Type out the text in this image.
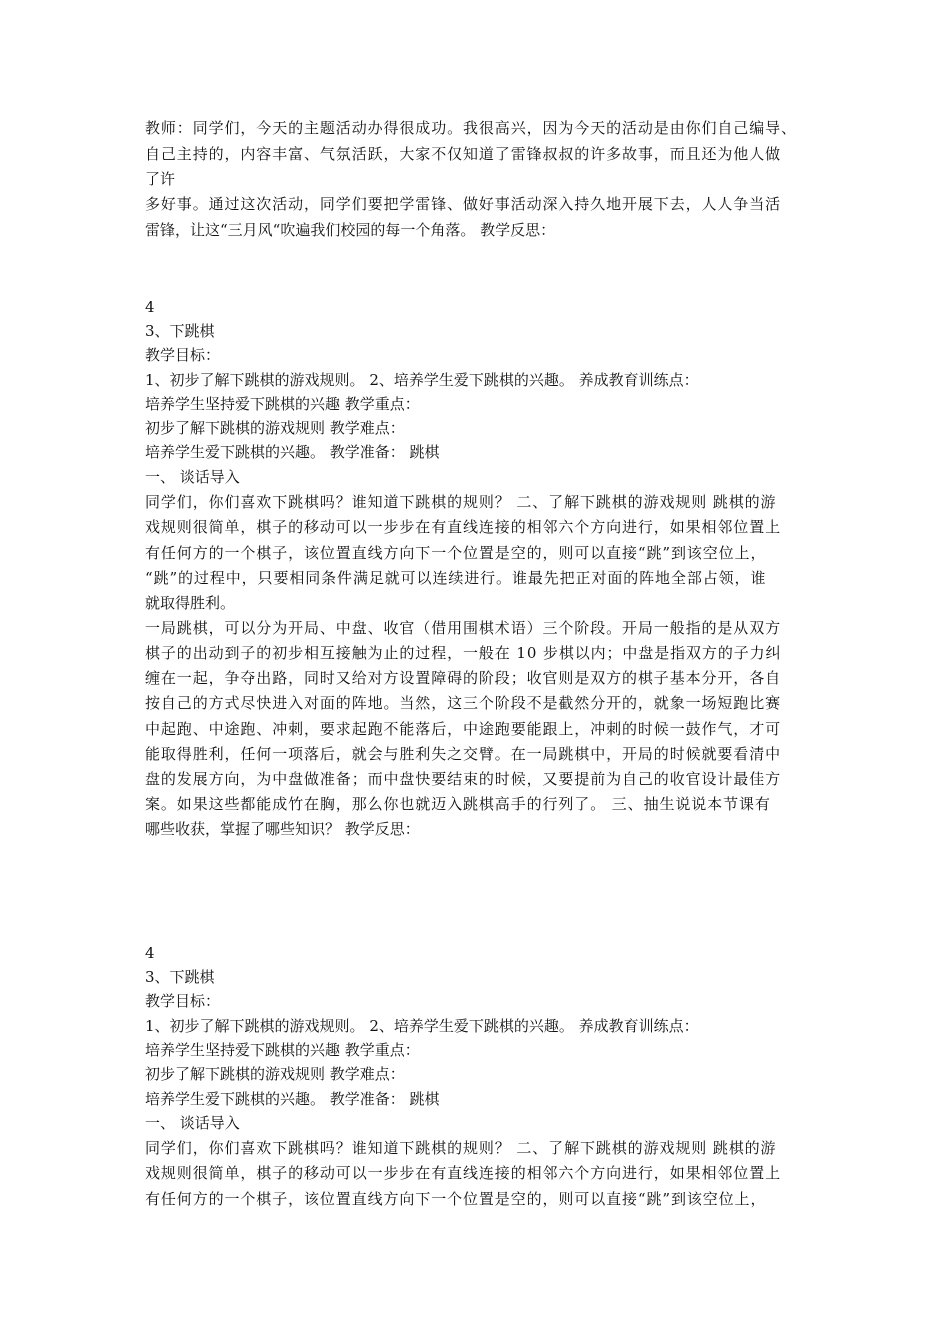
教师：同学们，今天的主题活动办得很成功。我很高兴，因为今天的活动是由你们自己编导、

自己主持的，内容丰富、气氛活跃，大家不仅知道了雷锋叔叔的许多故事，而且还为他人做

了许

多好事。通过这次活动，同学们要把学雷锋、做好事活动深入持久地开展下去，人人争当活

雷锋，让这“三月风“吹遍我们校园的每一个角落。 教学反思：

4

3、下跳棋

教学目标：

1、初步了解下跳棋的游戏规则。 2、培养学生爱下跳棋的兴趣。 养成教育训练点：

培养学生坚持爱下跳棋的兴趣 教学重点：

初步了解下跳棋的游戏规则 教学难点：

培养学生爱下跳棋的兴趣。 教学准备： 跳棋

一、 谈话导入

同学们，你们喜欢下跳棋吗？谁知道下跳棋的规则？ 二、了解下跳棋的游戏规则 跳棋的游

戏规则很简单，棋子的移动可以一步步在有直线连接的相邻六个方向进行，如果相邻位置上

有任何方的一个棋子，该位置直线方向下一个位置是空的，则可以直接“跳”到该空位上，

“跳”的过程中，只要相同条件满足就可以连续进行。谁最先把正对面的阵地全部占领，谁

就取得胜利。

一局跳棋，可以分为开局、中盘、收官（借用围棋术语）三个阶段。开局一般指的是从双方

棋子的出动到子的初步相互接触为止的过程，一般在 10 步棋以内；中盘是指双方的子力纠

缠在一起，争夺出路，同时又给对方设置障碍的阶段；收官则是双方的棋子基本分开，各自

按自己的方式尽快进入对面的阵地。当然，这三个阶段不是截然分开的，就象一场短跑比赛

中起跑、中途跑、冲刺，要求起跑不能落后，中途跑要能跟上，冲刺的时候一鼓作气，才可

能取得胜利，任何一项落后，就会与胜利失之交臂。在一局跳棋中，开局的时候就要看清中

盘的发展方向，为中盘做准备；而中盘快要结束的时候，又要提前为自己的收官设计最佳方

案。如果这些都能成竹在胸，那么你也就迈入跳棋高手的行列了。 三、抽生说说本节课有

哪些收获，掌握了哪些知识？ 教学反思：

4

3、下跳棋

教学目标：

1、初步了解下跳棋的游戏规则。 2、培养学生爱下跳棋的兴趣。 养成教育训练点：

培养学生坚持爱下跳棋的兴趣 教学重点：

初步了解下跳棋的游戏规则 教学难点：

培养学生爱下跳棋的兴趣。 教学准备： 跳棋

一、 谈话导入

同学们，你们喜欢下跳棋吗？谁知道下跳棋的规则？ 二、了解下跳棋的游戏规则 跳棋的游

戏规则很简单，棋子的移动可以一步步在有直线连接的相邻六个方向进行，如果相邻位置上

有任何方的一个棋子，该位置直线方向下一个位置是空的，则可以直接“跳”到该空位上，
